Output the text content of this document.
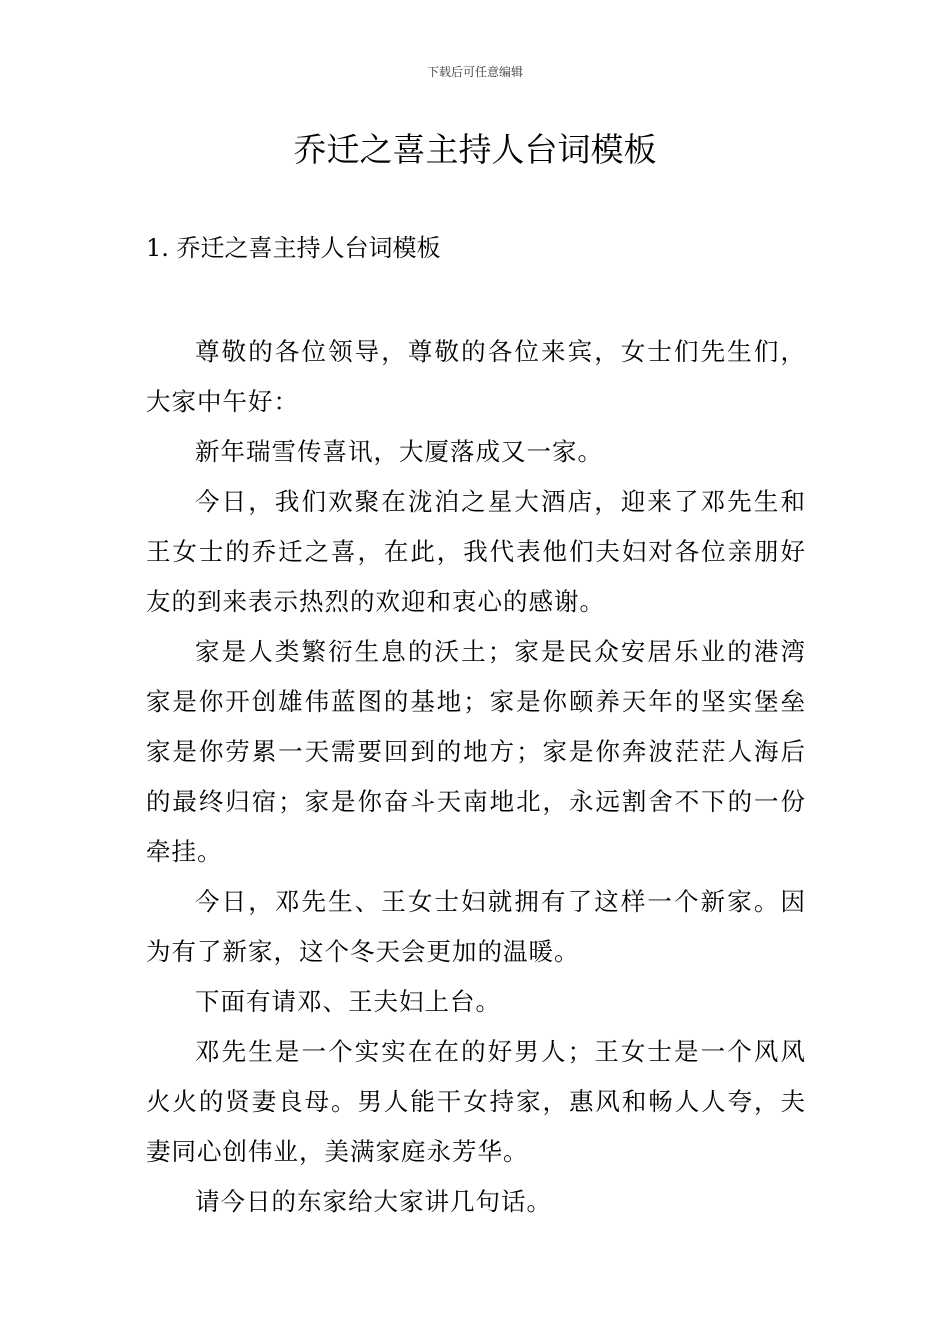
下载后可任意编辑
乔迁之喜主持人台词模板
1. 乔迁之喜主持人台词模板

尊敬的各位领导，尊敬的各位来宾，女士们先生们，大家中午好：

新年瑞雪传喜讯，大厦落成又一家。

今日，我们欢聚在泷泊之星大酒店，迎来了邓先生和王女士的乔迁之喜，在此，我代表他们夫妇对各位亲朋好友的到来表示热烈的欢迎和衷心的感谢。

家是人类繁衍生息的沃土；家是民众安居乐业的港湾家是你开创雄伟蓝图的基地；家是你颐养天年的坚实堡垒家是你劳累一天需要回到的地方；家是你奔波茫茫人海后的最终归宿；家是你奋斗天南地北，永远割舍不下的一份牵挂。

今日，邓先生、王女士妇就拥有了这样一个新家。因为有了新家，这个冬天会更加的温暖。

下面有请邓、王夫妇上台。

邓先生是一个实实在在的好男人；王女士是一个风风火火的贤妻良母。男人能干女持家，惠风和畅人人夸，夫妻同心创伟业，美满家庭永芳华。

请今日的东家给大家讲几句话。
